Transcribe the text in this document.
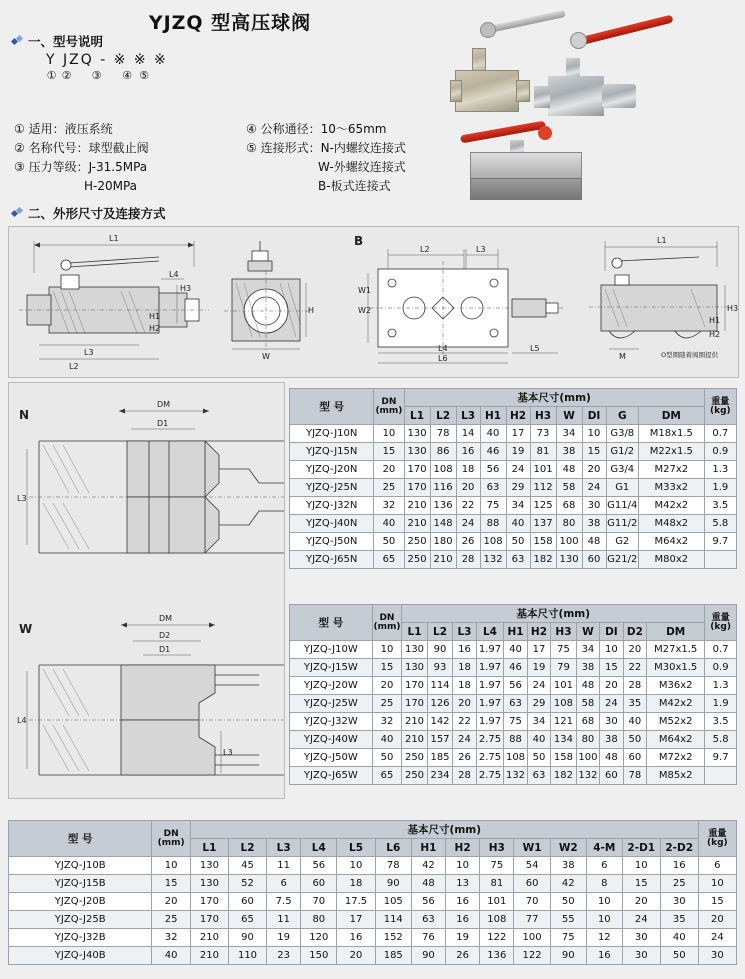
YJZQ 型高压球阀
一、型号说明
Y JZQ - ※ ※ ※
① ② ③ ④ ⑤
① 适用：液压系统
② 名称代号：球型截止阀
③ 压力等级：J-31.5MPa
H-20MPa
④ 公称通径：10～65mm
⑤ 连接形式：N-内螺纹连接式
W-外螺纹连接式
B-板式连接式
二、外形尺寸及连接方式
L1
L4
H3
H1
H2
L3
L2
W
H
B
L2	L3
W1
W2
L4
L6
L5
L1
H3
H1
H2
M	O型圈随着阀圈提供
N
DM
D1
L3
W
DM
D2
D1
L4
L3
型 号	DN
(mm)	基本尺寸(mm)										重量
(kg)
		L1	L2	L3	H1	H2	H3	W	DI	G	DM	
YJZQ-J10N	10	130	78	14	40	17	73	34	10	G3/8	M18x1.5	0.7
YJZQ-J15N	15	130	86	16	46	19	81	38	15	G1/2	M22x1.5	0.9
YJZQ-J20N	20	170	108	18	56	24	101	48	20	G3/4	M27x2	1.3
YJZQ-J25N	25	170	116	20	63	29	112	58	24	G1	M33x2	1.9
YJZQ-J32N	32	210	136	22	75	34	125	68	30	G11/4	M42x2	3.5
YJZQ-J40N	40	210	148	24	88	40	137	80	38	G11/2	M48x2	5.8
YJZQ-J50N	50	250	180	26	108	50	158	100	48	G2	M64x2	9.7
YJZQ-J65N	65	250	210	28	132	63	182	130	60	G21/2	M80x2	
型 号	DN
(mm)	基本尺寸(mm)											重量
(kg)
		L1	L2	L3	L4	H1	H2	H3	W	DI	D2	DM	
YJZQ-J10W	10	130	90	16	1.97	40	17	75	34	10	20	M27x1.5	0.7
YJZQ-J15W	15	130	93	18	1.97	46	19	79	38	15	22	M30x1.5	0.9
YJZQ-J20W	20	170	114	18	1.97	56	24	101	48	20	28	M36x2	1.3
YJZQ-J25W	25	170	126	20	1.97	63	29	108	58	24	35	M42x2	1.9
YJZQ-J32W	32	210	142	22	1.97	75	34	121	68	30	40	M52x2	3.5
YJZQ-J40W	40	210	157	24	2.75	88	40	134	80	38	50	M64x2	5.8
YJZQ-J50W	50	250	185	26	2.75	108	50	158	100	48	60	M72x2	9.7
YJZQ-J65W	65	250	234	28	2.75	132	63	182	132	60	78	M85x2	
型 号	DN
(mm)	基本尺寸(mm)														重量
(kg)
		L1	L2	L3	L4	L5	L6	H1	H2	H3	W1	W2	4-M	2-D1	2-D2	
YJZQ-J10B	10	130	45	11	56	10	78	42	10	75	54	38	6	10	16	6
YJZQ-J15B	15	130	52	6	60	18	90	48	13	81	60	42	8	15	25	10
YJZQ-J20B	20	170	60	7.5	70	17.5	105	56	16	101	70	50	10	20	30	15
YJZQ-J25B	25	170	65	11	80	17	114	63	16	108	77	55	10	24	35	20
YJZQ-J32B	32	210	90	19	120	16	152	76	19	122	100	75	12	30	40	24
YJZQ-J40B	40	210	110	23	150	20	185	90	26	136	122	90	16	30	50	30
